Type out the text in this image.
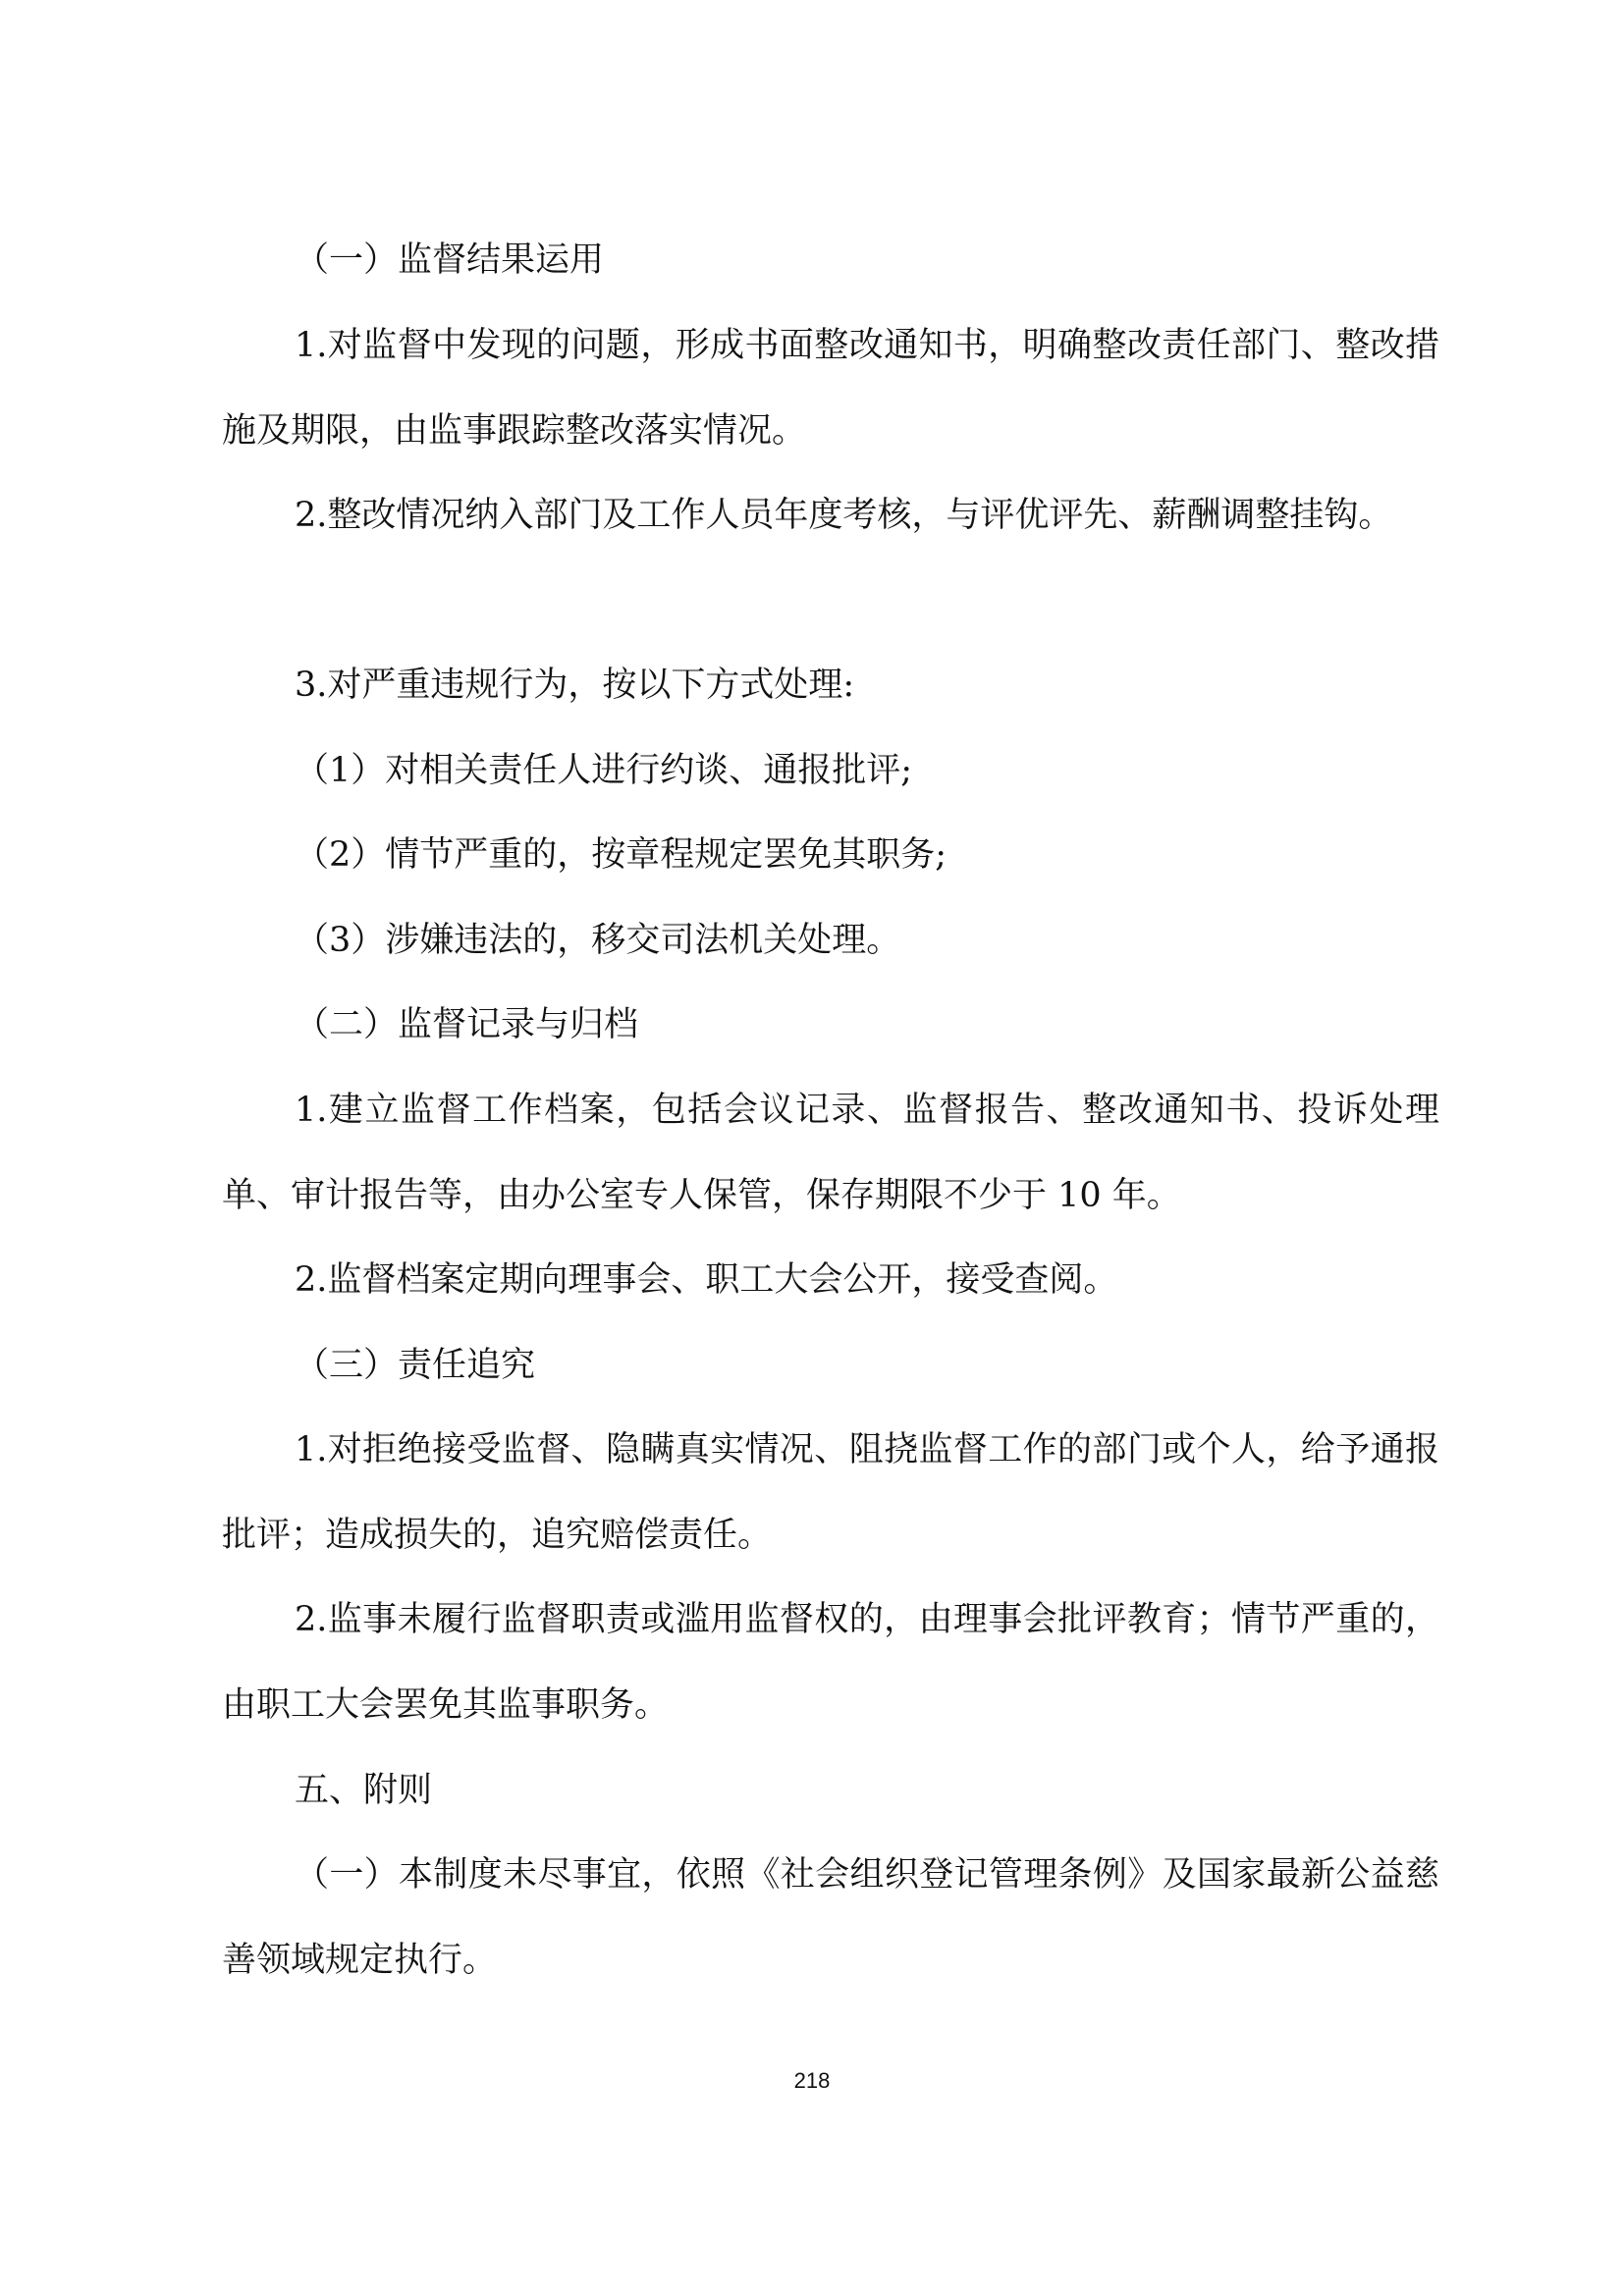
（一）监督结果运用

1.对监督中发现的问题，形成书面整改通知书，明确整改责任部门、整改措施及期限，由监事跟踪整改落实情况。

2.整改情况纳入部门及工作人员年度考核，与评优评先、薪酬调整挂钩。

3.对严重违规行为，按以下方式处理:

（1）对相关责任人进行约谈、通报批评;

（2）情节严重的，按章程规定罢免其职务;

（3）涉嫌违法的，移交司法机关处理。

（二）监督记录与归档

1.建立监督工作档案，包括会议记录、监督报告、整改通知书、投诉处理单、审计报告等，由办公室专人保管，保存期限不少于 10 年。

2.监督档案定期向理事会、职工大会公开，接受查阅。

（三）责任追究

1.对拒绝接受监督、隐瞒真实情况、阻挠监督工作的部门或个人，给予通报批评；造成损失的，追究赔偿责任。

2.监事未履行监督职责或滥用监督权的，由理事会批评教育；情节严重的，由职工大会罢免其监事职务。

五、附则

（一）本制度未尽事宜，依照《社会组织登记管理条例》及国家最新公益慈善领域规定执行。

218
